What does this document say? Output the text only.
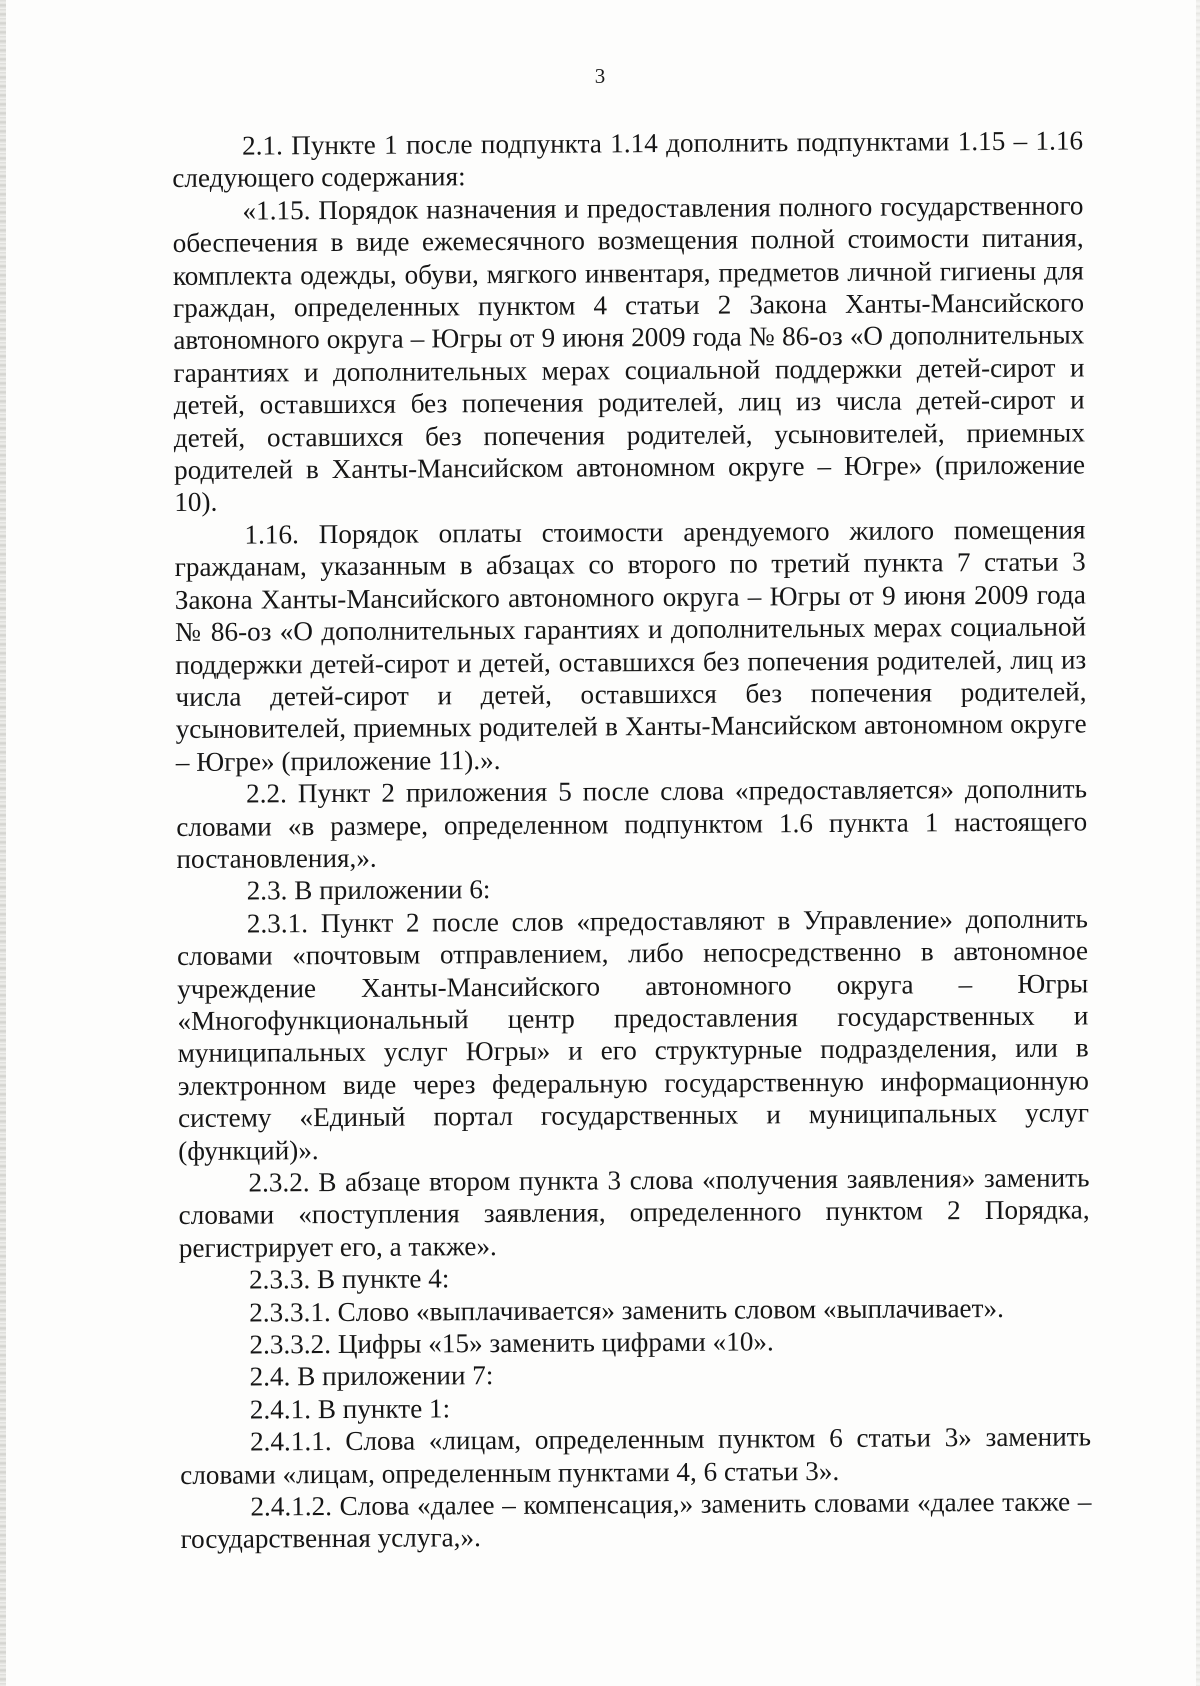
3

2.1. Пункте 1 после подпункта 1.14 дополнить подпунктами 1.15 – 1.16 следующего содержания:

«1.15. Порядок назначения и предоставления полного государственного обеспечения в виде ежемесячного возмещения полной стоимости питания, комплекта одежды, обуви, мягкого инвентаря, предметов личной гигиены для граждан, определенных пунктом 4 статьи 2 Закона Ханты-Мансийского автономного округа – Югры от 9 июня 2009 года № 86-оз «О дополнительных гарантиях и дополнительных мерах социальной поддержки детей-сирот и детей, оставшихся без попечения родителей, лиц из числа детей-сирот и детей, оставшихся без попечения родителей, усыновителей, приемных родителей в Ханты-Мансийском автономном округе – Югре» (приложение 10).

1.16. Порядок оплаты стоимости арендуемого жилого помещения гражданам, указанным в абзацах со второго по третий пункта 7 статьи 3 Закона Ханты-Мансийского автономного округа – Югры от 9 июня 2009 года № 86-оз «О дополнительных гарантиях и дополнительных мерах социальной поддержки детей-сирот и детей, оставшихся без попечения родителей, лиц из числа детей-сирот и детей, оставшихся без попечения родителей, усыновителей, приемных родителей в Ханты-Мансийском автономном округе – Югре» (приложение 11).».

2.2. Пункт 2 приложения 5 после слова «предоставляется» дополнить словами «в размере, определенном подпунктом 1.6 пункта 1 настоящего постановления,».

2.3. В приложении 6:

2.3.1. Пункт 2 после слов «предоставляют в Управление» дополнить словами «почтовым отправлением, либо непосредственно в автономное учреждение Ханты-Мансийского автономного округа – Югры «Многофункциональный центр предоставления государственных и муниципальных услуг Югры» и его структурные подразделения, или в электронном виде через федеральную государственную информационную систему «Единый портал государственных и муниципальных услуг (функций)».

2.3.2. В абзаце втором пункта 3 слова «получения заявления» заменить словами «поступления заявления, определенного пунктом 2 Порядка, регистрирует его, а также».

2.3.3. В пункте 4:

2.3.3.1. Слово «выплачивается» заменить словом «выплачивает».

2.3.3.2. Цифры «15» заменить цифрами «10».

2.4. В приложении 7:

2.4.1. В пункте 1:

2.4.1.1. Слова «лицам, определенным пунктом 6 статьи 3» заменить словами «лицам, определенным пунктами 4, 6 статьи 3».

2.4.1.2. Слова «далее – компенсация,» заменить словами «далее также – государственная услуга,».
